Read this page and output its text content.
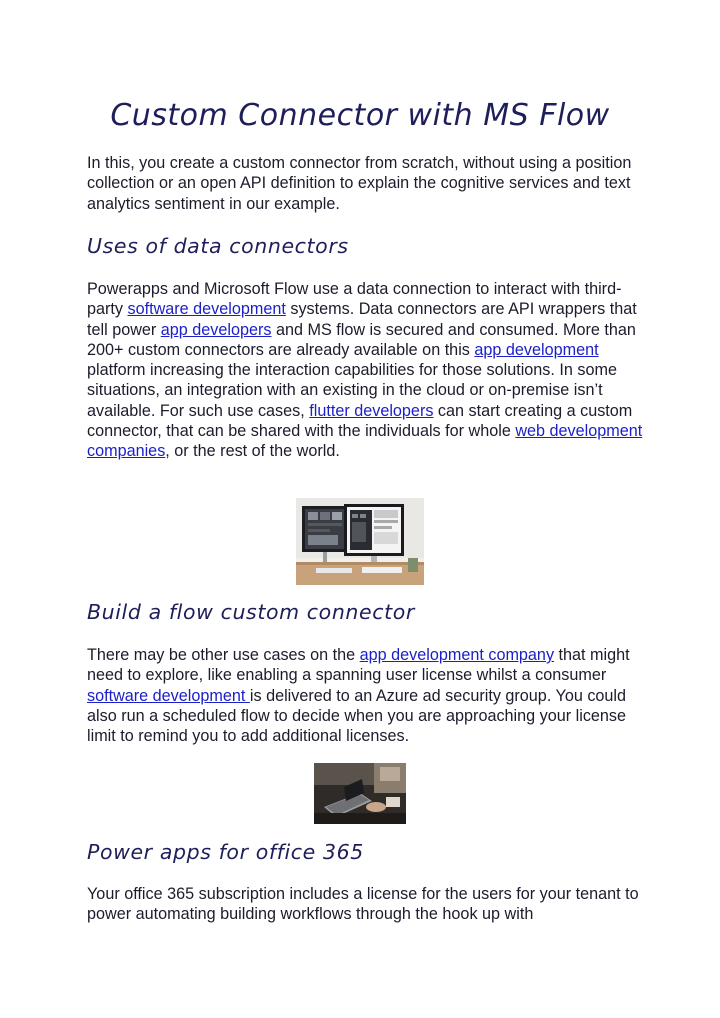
Custom Connector with MS Flow

In this, you create a custom connector from scratch, without using a position collection or an open API definition to explain the cognitive services and text analytics sentiment in our example.

Uses of data connectors

Powerapps and Microsoft Flow use a data connection to interact with third-party software development systems. Data connectors are API wrappers that tell power app developers and MS flow is secured and consumed. More than 200+ custom connectors are already available on this app development platform increasing the interaction capabilities for those solutions. In some situations, an integration with an existing in the cloud or on-premise isn’t available. For such use cases, flutter developers can start creating a custom connector, that can be shared with the individuals for whole web development companies, or the rest of the world.

Build a flow custom connector

There may be other use cases on the app development company that might need to explore, like enabling a spanning user license whilst a consumer software development is delivered to an Azure ad security group. You could also run a scheduled flow to decide when you are approaching your license limit to remind you to add additional licenses.

Power apps for office 365

Your office 365 subscription includes a license for the users for your tenant to power automating building workflows through the hook up with
